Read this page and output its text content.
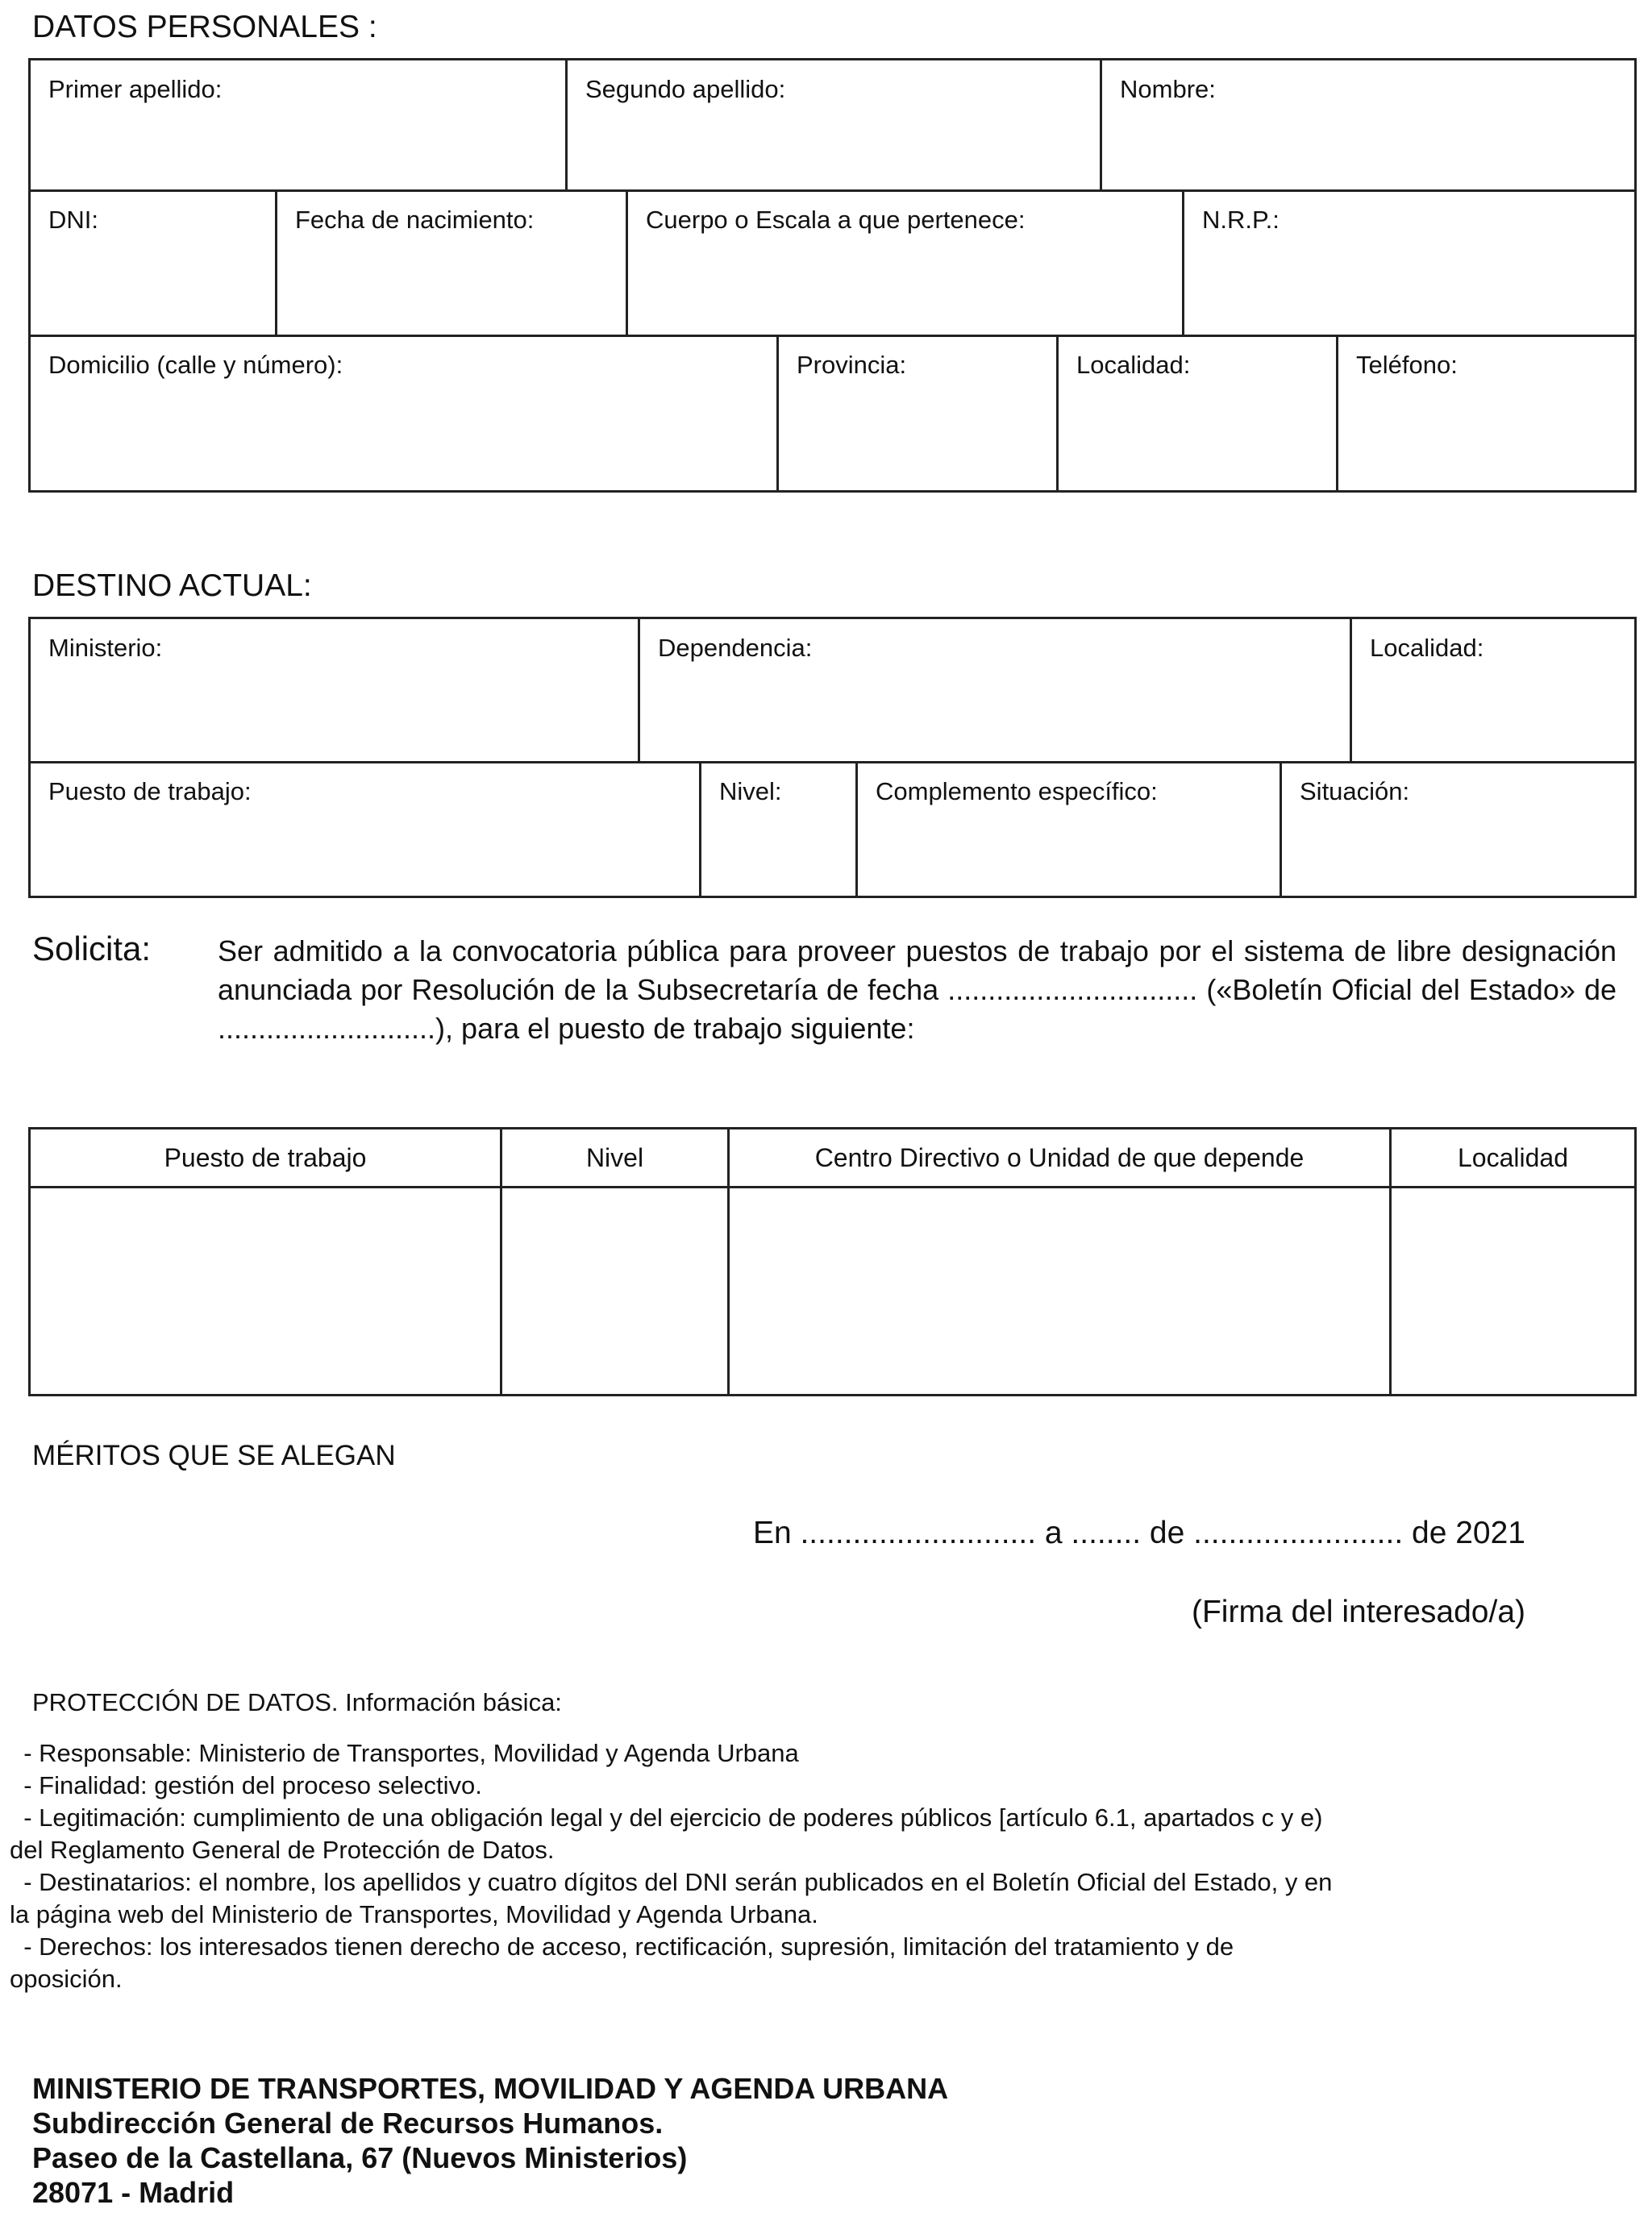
DATOS PERSONALES :
Primer apellido:	Segundo apellido:	Nombre:
DNI:	Fecha de nacimiento:	Cuerpo o Escala a que pertenece:	N.R.P.:
Domicilio (calle y número):	Provincia:	Localidad:	Teléfono:
DESTINO ACTUAL:
Ministerio:	Dependencia:	Localidad:
Puesto de trabajo:	Nivel:	Complemento específico:	Situación:
Solicita: Ser admitido a la convocatoria pública para proveer puestos de trabajo por el sistema de libre designación anunciada por Resolución de la Subsecretaría de fecha ............................... («Boletín Oficial del Estado» de ...........................), para el puesto de trabajo siguiente:
Puesto de trabajo	Nivel	Centro Directivo o Unidad de que depende	Localidad
MÉRITOS QUE SE ALEGAN
En ........................... a ........ de ........................ de 2021
(Firma del interesado/a)
PROTECCIÓN DE DATOS. Información básica:
- Responsable: Ministerio de Transportes, Movilidad y Agenda Urbana
- Finalidad: gestión del proceso selectivo.
- Legitimación: cumplimiento de una obligación legal y del ejercicio de poderes públicos [artículo 6.1, apartados c y e)
del Reglamento General de Protección de Datos.
- Destinatarios: el nombre, los apellidos y cuatro dígitos del DNI serán publicados en el Boletín Oficial del Estado, y en
la página web del Ministerio de Transportes, Movilidad y Agenda Urbana.
- Derechos: los interesados tienen derecho de acceso, rectificación, supresión, limitación del tratamiento y de
oposición.
MINISTERIO DE TRANSPORTES, MOVILIDAD Y AGENDA URBANA
Subdirección General de Recursos Humanos.
Paseo de la Castellana, 67 (Nuevos Ministerios)
28071 - Madrid
